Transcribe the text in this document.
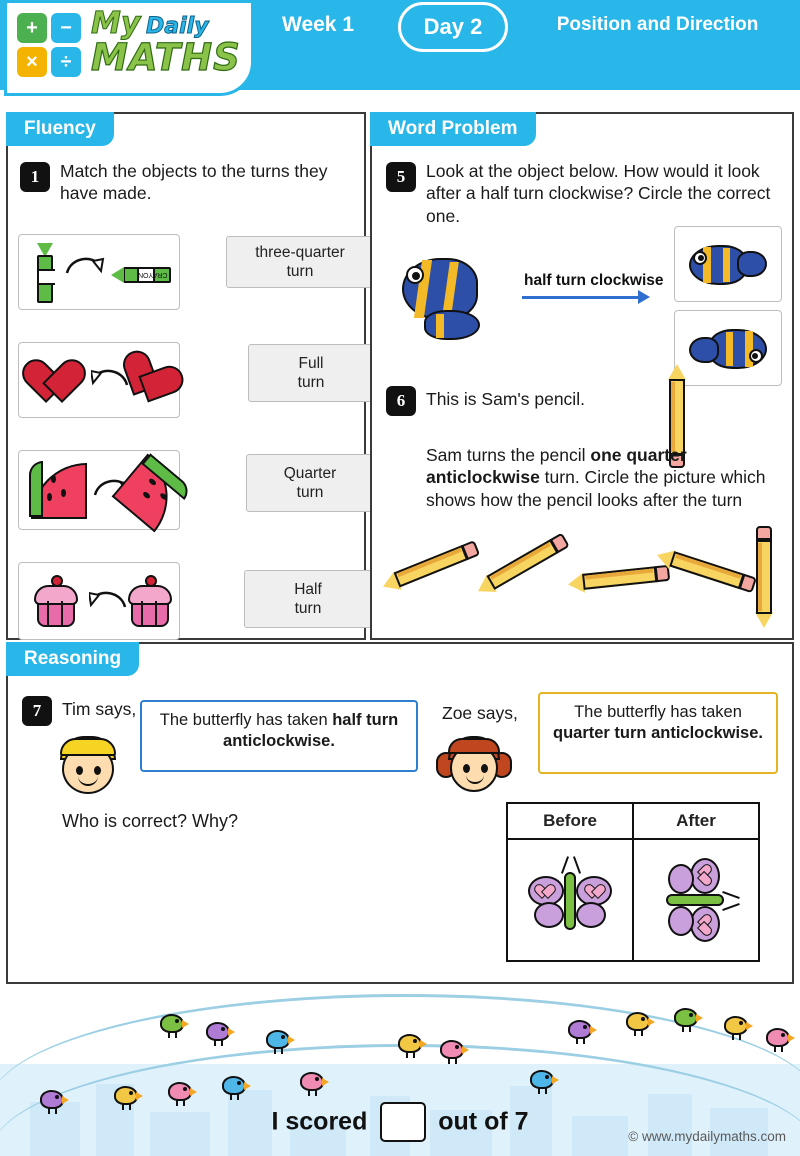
+	−
×	÷
My Daily
MATHS
Week 1	Day 2	Position and Direction
Fluency
1	Match the objects to the turns they have made.
CRAYON
three-quarter
turn
Full
turn
Quarter
turn
Half
turn
Word Problem
5	Look at the object below. How would it look after a half turn clockwise? Circle the correct one.
half turn clockwise
6	This is Sam's pencil.
Sam turns the pencil one quarter anticlockwise turn. Circle the picture which shows how the pencil looks after the turn
Reasoning
7	Tim says,
The butterfly has taken half turn anticlockwise.
Who is correct? Why?
Zoe says,	The butterfly has taken quarter turn anticlockwise.
Before	After

I scored	out of 7
© www.mydailymaths.com
